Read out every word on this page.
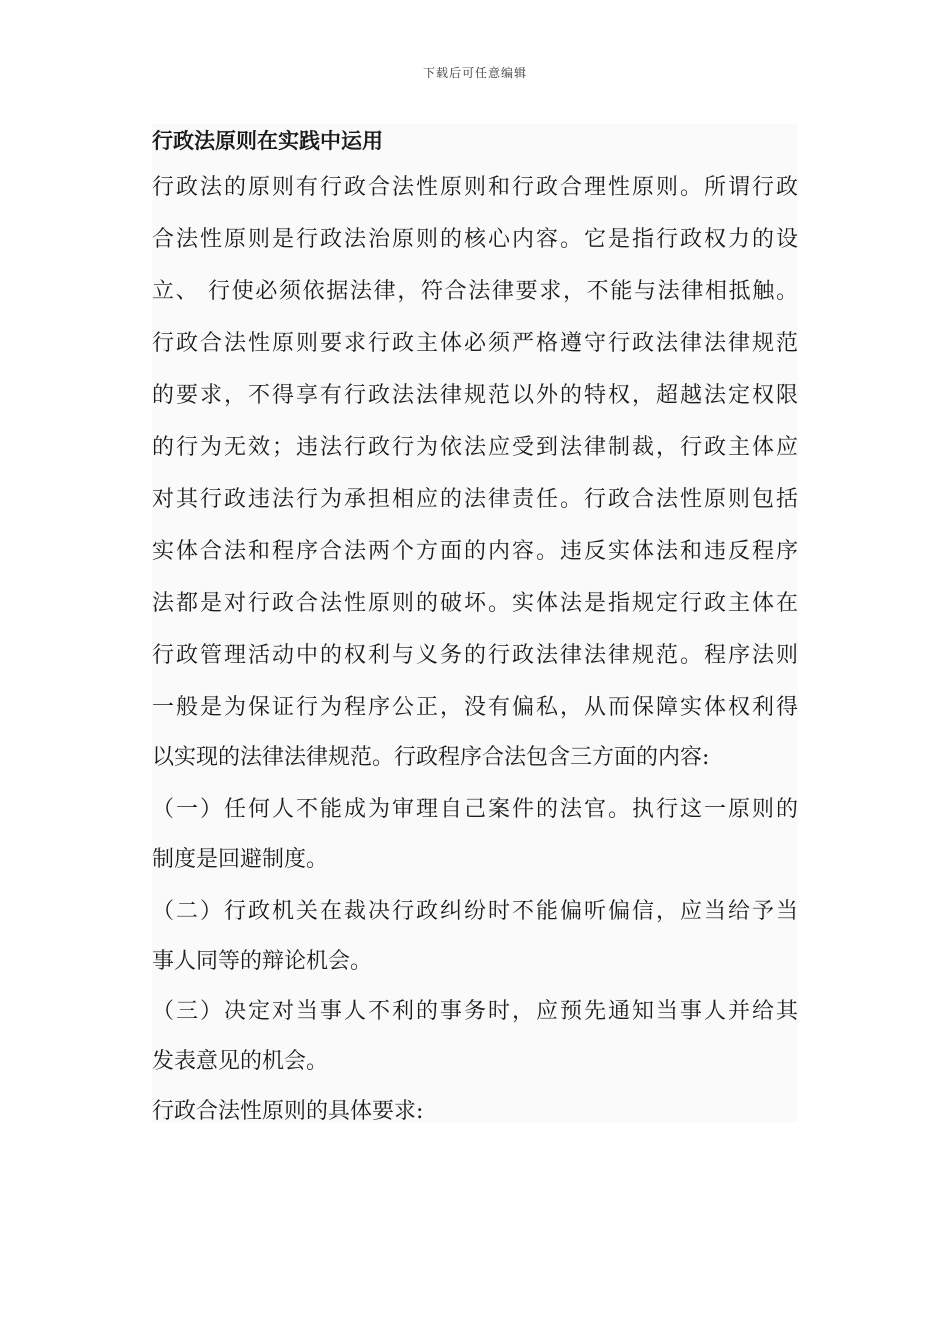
下载后可任意编辑
行政法原则在实践中运用
行政法的原则有行政合法性原则和行政合理性原则。所谓行政
合法性原则是行政法治原则的核心内容。它是指行政权力的设
立、 行使必须依据法律，符合法律要求，不能与法律相抵触。
行政合法性原则要求行政主体必须严格遵守行政法律法律规范
的要求，不得享有行政法法律规范以外的特权，超越法定权限
的行为无效；违法行政行为依法应受到法律制裁，行政主体应
对其行政违法行为承担相应的法律责任。行政合法性原则包括
实体合法和程序合法两个方面的内容。违反实体法和违反程序
法都是对行政合法性原则的破坏。实体法是指规定行政主体在
行政管理活动中的权利与义务的行政法律法律规范。程序法则
一般是为保证行为程序公正，没有偏私，从而保障实体权利得
以实现的法律法律规范。行政程序合法包含三方面的内容:
（一）任何人不能成为审理自己案件的法官。执行这一原则的
制度是回避制度。
（二）行政机关在裁决行政纠纷时不能偏听偏信，应当给予当
事人同等的辩论机会。
（三）决定对当事人不利的事务时，应预先通知当事人并给其
发表意见的机会。
行政合法性原则的具体要求:
